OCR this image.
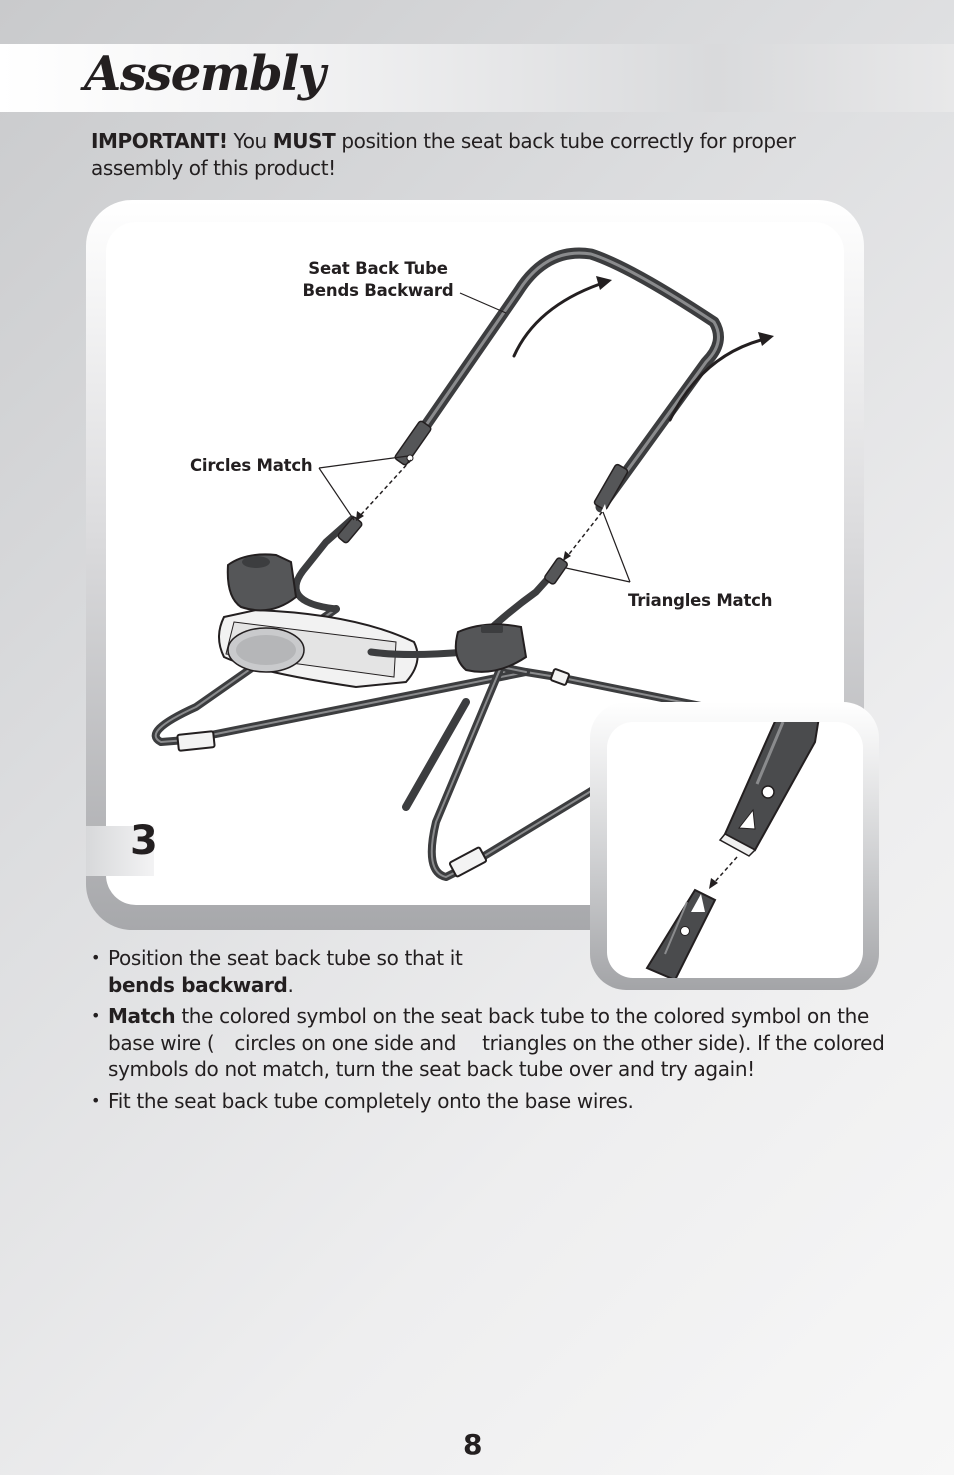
Assembly

IMPORTANT! You MUST position the seat back tube correctly for proper assembly of this product!

Seat Back Tube
Bends Backward
Circles Match
Triangles Match
3
• Position the seat back tube so that it
bends backward.
• Match the colored symbol on the seat back tube to the colored symbol on the base wire ( circles on one side and triangles on the other side). If the colored symbols do not match, turn the seat back tube over and try again!
• Fit the seat back tube completely onto the base wires.
8
